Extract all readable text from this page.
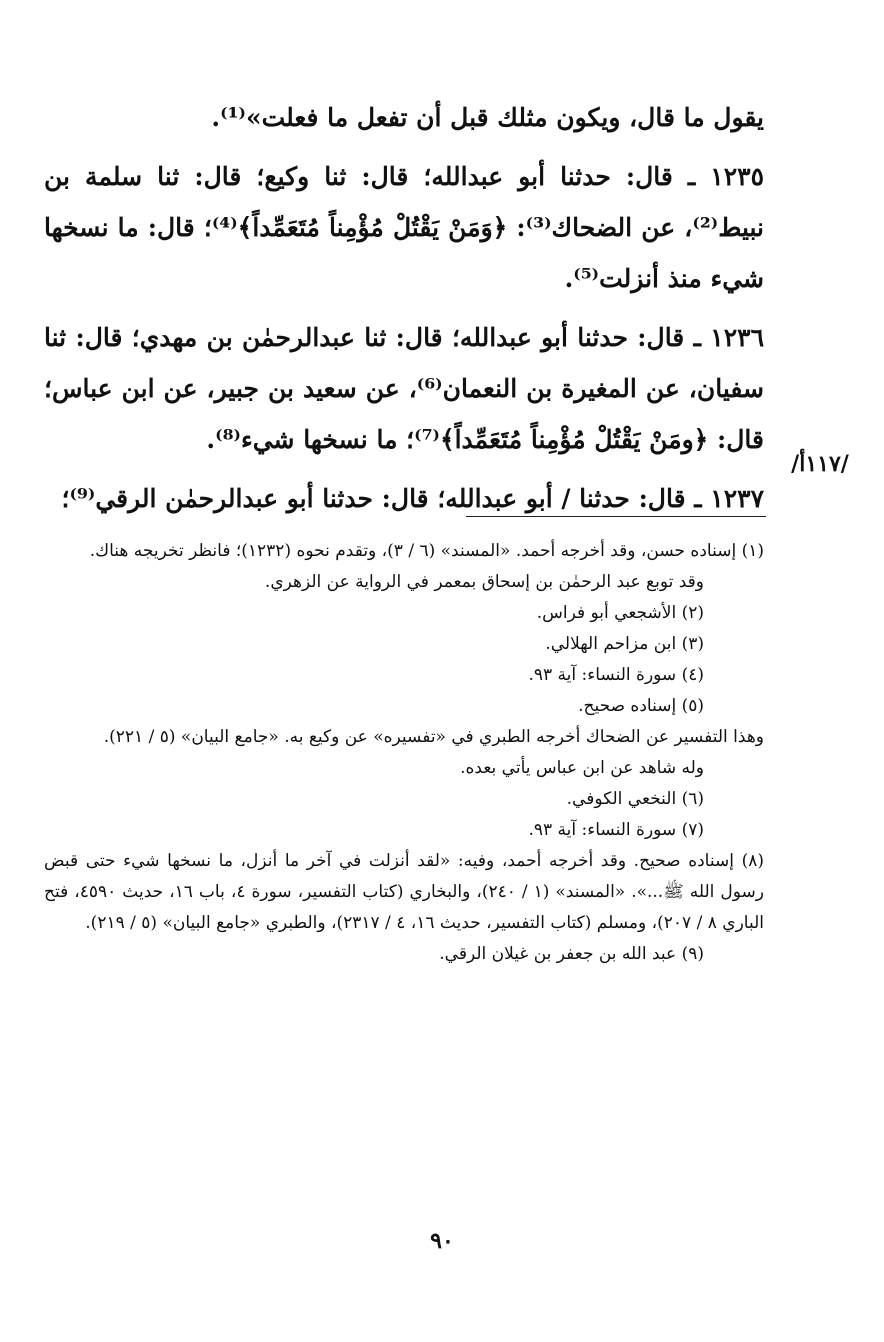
يقول ما قال، ويكون مثلك قبل أن تفعل ما فعلت»⁽¹⁾.

١٢٣٥ ـ قال: حدثنا أبو عبدالله؛ قال: ثنا وكيع؛ قال: ثنا سلمة بن نبيط⁽²⁾، عن الضحاك⁽³⁾: ﴿وَمَنْ يَقْتُلْ مُؤْمِناً مُتَعَمِّداً﴾⁽⁴⁾؛ قال: ما نسخها شيء منذ أنزلت⁽⁵⁾.

١٢٣٦ ـ قال: حدثنا أبو عبدالله؛ قال: ثنا عبدالرحمٰن بن مهدي؛ قال: ثنا سفيان، عن المغيرة بن النعمان⁽⁶⁾، عن سعيد بن جبير، عن ابن عباس؛ قال: ﴿ومَنْ يَقْتُلْ مُؤْمِناً مُتَعَمِّداً﴾⁽⁷⁾؛ ما نسخها شيء⁽⁸⁾.

١٢٣٧ ـ قال: حدثنا / أبو عبدالله؛ قال: حدثنا أبو عبدالرحمٰن الرقي⁽⁹⁾؛

/١١٧أ/

(١) إسناده حسن، وقد أخرجه أحمد. «المسند» (٦ / ٣)، وتقدم نحوه (١٢٣٢)؛ فانظر تخريجه هناك.

وقد توبع عبد الرحمٰن بن إسحاق بمعمر في الرواية عن الزهري.

(٢) الأشجعي أبو فراس.

(٣) ابن مزاحم الهلالي.

(٤) سورة النساء: آية ٩٣.

(٥) إسناده صحيح.

وهذا التفسير عن الضحاك أخرجه الطبري في «تفسيره» عن وكيع به. «جامع البيان» (٥ / ٢٢١).

وله شاهد عن ابن عباس يأتي بعده.

(٦) النخعي الكوفي.

(٧) سورة النساء: آية ٩٣.

(٨) إسناده صحيح. وقد أخرجه أحمد، وفيه: «لقد أنزلت في آخر ما أنزل، ما نسخها شيء حتى قبض رسول الله ﷺ...». «المسند» (١ / ٢٤٠)، والبخاري (كتاب التفسير، سورة ٤، باب ١٦، حديث ٤٥٩٠، فتح الباري ٨ / ٢٠٧)، ومسلم (كتاب التفسير، حديث ١٦، ٤ / ٢٣١٧)، والطبري «جامع البيان» (٥ / ٢١٩).

(٩) عبد الله بن جعفر بن غيلان الرقي.

٩٠
